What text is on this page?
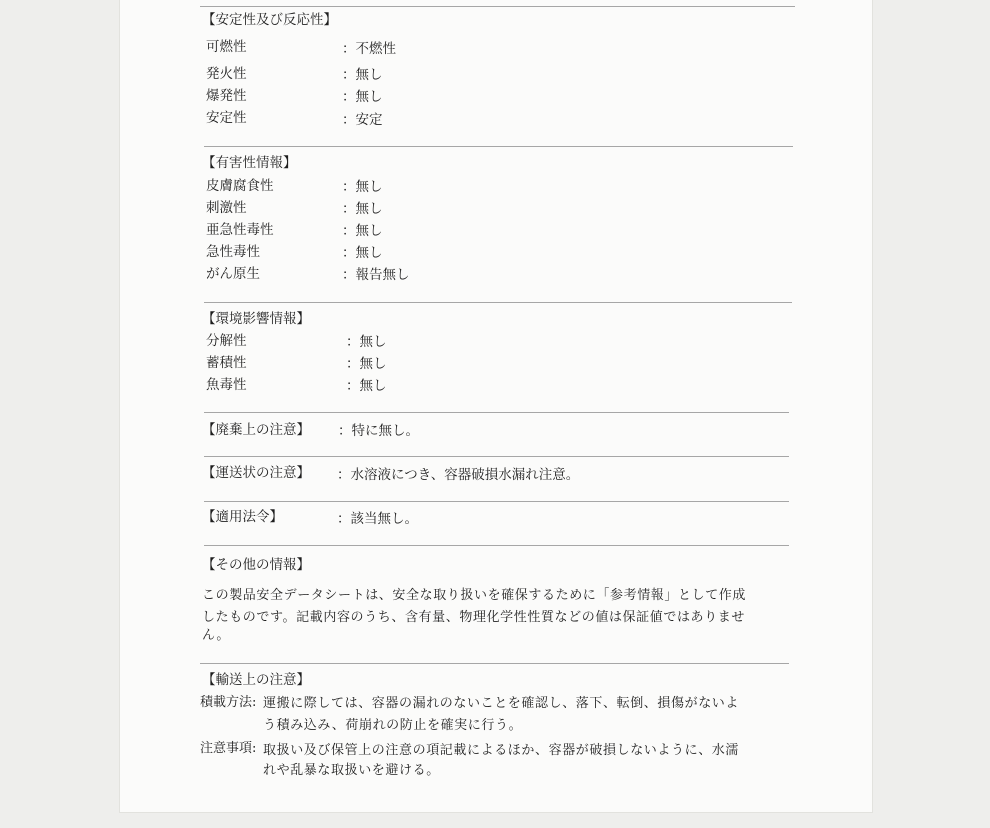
【安定性及び反応性】
可燃性	：不燃性
発火性	：無し
爆発性	：無し
安定性	：安定
【有害性情報】
皮膚腐食性	：無し
刺激性	：無し
亜急性毒性	：無し
急性毒性	：無し
がん原生	：報告無し
【環境影響情報】
分解性	：無し
蓄積性	：無し
魚毒性	：無し
【廃棄上の注意】 ：特に無し。
【運送状の注意】 ：水溶液につき、容器破損水漏れ注意。
【適用法令】	：該当無し。
【その他の情報】
この製品安全データシートは、安全な取り扱いを確保するために「参考情報」として作成
したものです。記載内容のうち、含有量、物理化学性性質などの値は保証値ではありませ
ん。
【輸送上の注意】
積載方法: 運搬に際しては、容器の漏れのないことを確認し、落下、転倒、損傷がないよ
う積み込み、荷崩れの防止を確実に行う。
注意事項: 取扱い及び保管上の注意の項記載によるほか、容器が破損しないように、水濡
れや乱暴な取扱いを避ける。
